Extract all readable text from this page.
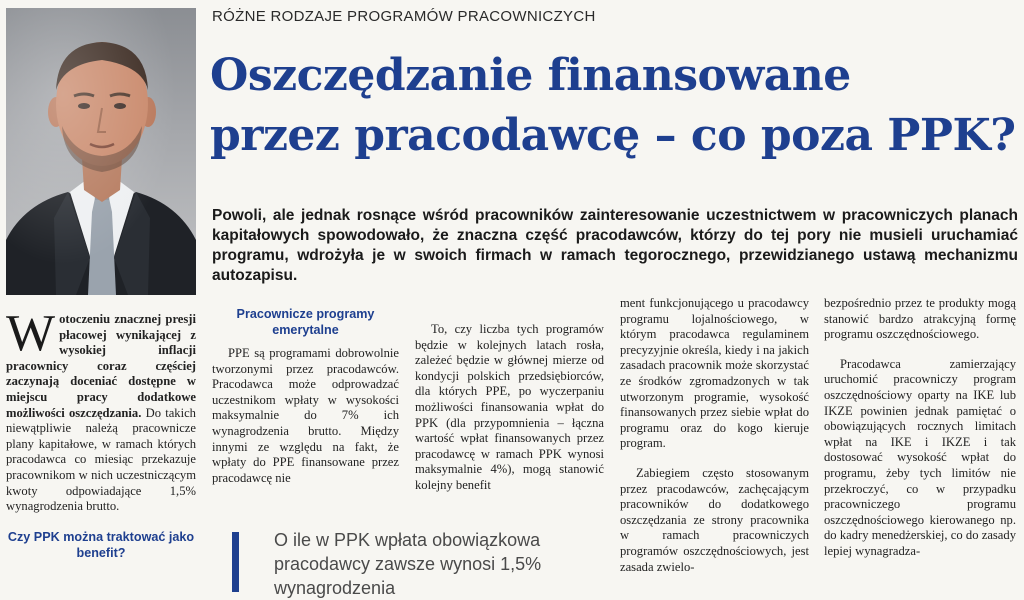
RÓŻNE RODZAJE PROGRAMÓW PRACOWNICZYCH
Oszczędzanie finansowane
przez pracodawcę – co poza PPK?

Powoli, ale jednak rosnące wśród pracowników zainteresowanie uczestnictwem w pracowniczych planach kapitałowych spowodowało, że znaczna część pracodawców, którzy do tej pory nie musieli uruchamiać programu, wdrożyła je w swoich firmach w ramach tegorocznego, przewidzianego ustawą mechanizmu autozapisu.

Wotoczeniu znacznej presji płacowej wynikającej z wysokiej inflacji pracownicy coraz częściej zaczynają doceniać dostępne w miejscu pracy dodatkowe możliwości oszczędzania. Do takich niewątpliwie należą pracownicze plany kapitałowe, w ramach których pracodawca co miesiąc przekazuje pracownikom w nich uczestniczącym kwoty odpowiadające 1,5% wynagrodzenia brutto.

Czy PPK można traktować jako benefit?
Pracownicze programy emerytalne

PPE są programami dobrowolnie tworzonymi przez pracodawców. Pracodawca może odprowadzać uczestnikom wpłaty w wysokości maksymalnie do 7% ich wynagrodzenia brutto. Między innymi ze względu na fakt, że wpłaty do PPE finansowane przez pracodawcę nie

To, czy liczba tych programów będzie w kolejnych latach rosła, zależeć będzie w głównej mierze od kondycji polskich przedsiębiorców, dla których PPE, po wyczerpaniu możliwości finansowania wpłat do PPK (dla przypomnienia – łączna wartość wpłat finansowanych przez pracodawcę w ramach PPK wynosi maksymalnie 4%), mogą stanowić kolejny benefit

ment funkcjonującego u pracodawcy programu lojalnościowego, w którym pracodawca regulaminem precyzyjnie określa, kiedy i na jakich zasadach pracownik może skorzystać ze środków zgromadzonych w tak utworzonym programie, wysokość finansowanych przez siebie wpłat do programu oraz do kogo kieruje program.

Zabiegiem często stosowanym przez pracodawców, zachęcającym pracowników do dodatkowego oszczędzania ze strony pracownika w ramach pracowniczych programów oszczędnościowych, jest zasada zwielo-

bezpośrednio przez te produkty mogą stanowić bardzo atrakcyjną formę programu oszczędnościowego.

Pracodawca zamierzający uruchomić pracowniczy program oszczędnościowy oparty na IKE lub IKZE powinien jednak pamiętać o obowiązujących rocznych limitach wpłat na IKE i IKZE i tak dostosować wysokość wpłat do programu, żeby tych limitów nie przekroczyć, co w przypadku pracowniczego programu oszczędnościowego kierowanego np. do kadry menedżerskiej, co do zasady lepiej wynagradza-

O ile w PPK wpłata obowiązkowa pracodawcy zawsze wynosi 1,5% wynagrodzenia
